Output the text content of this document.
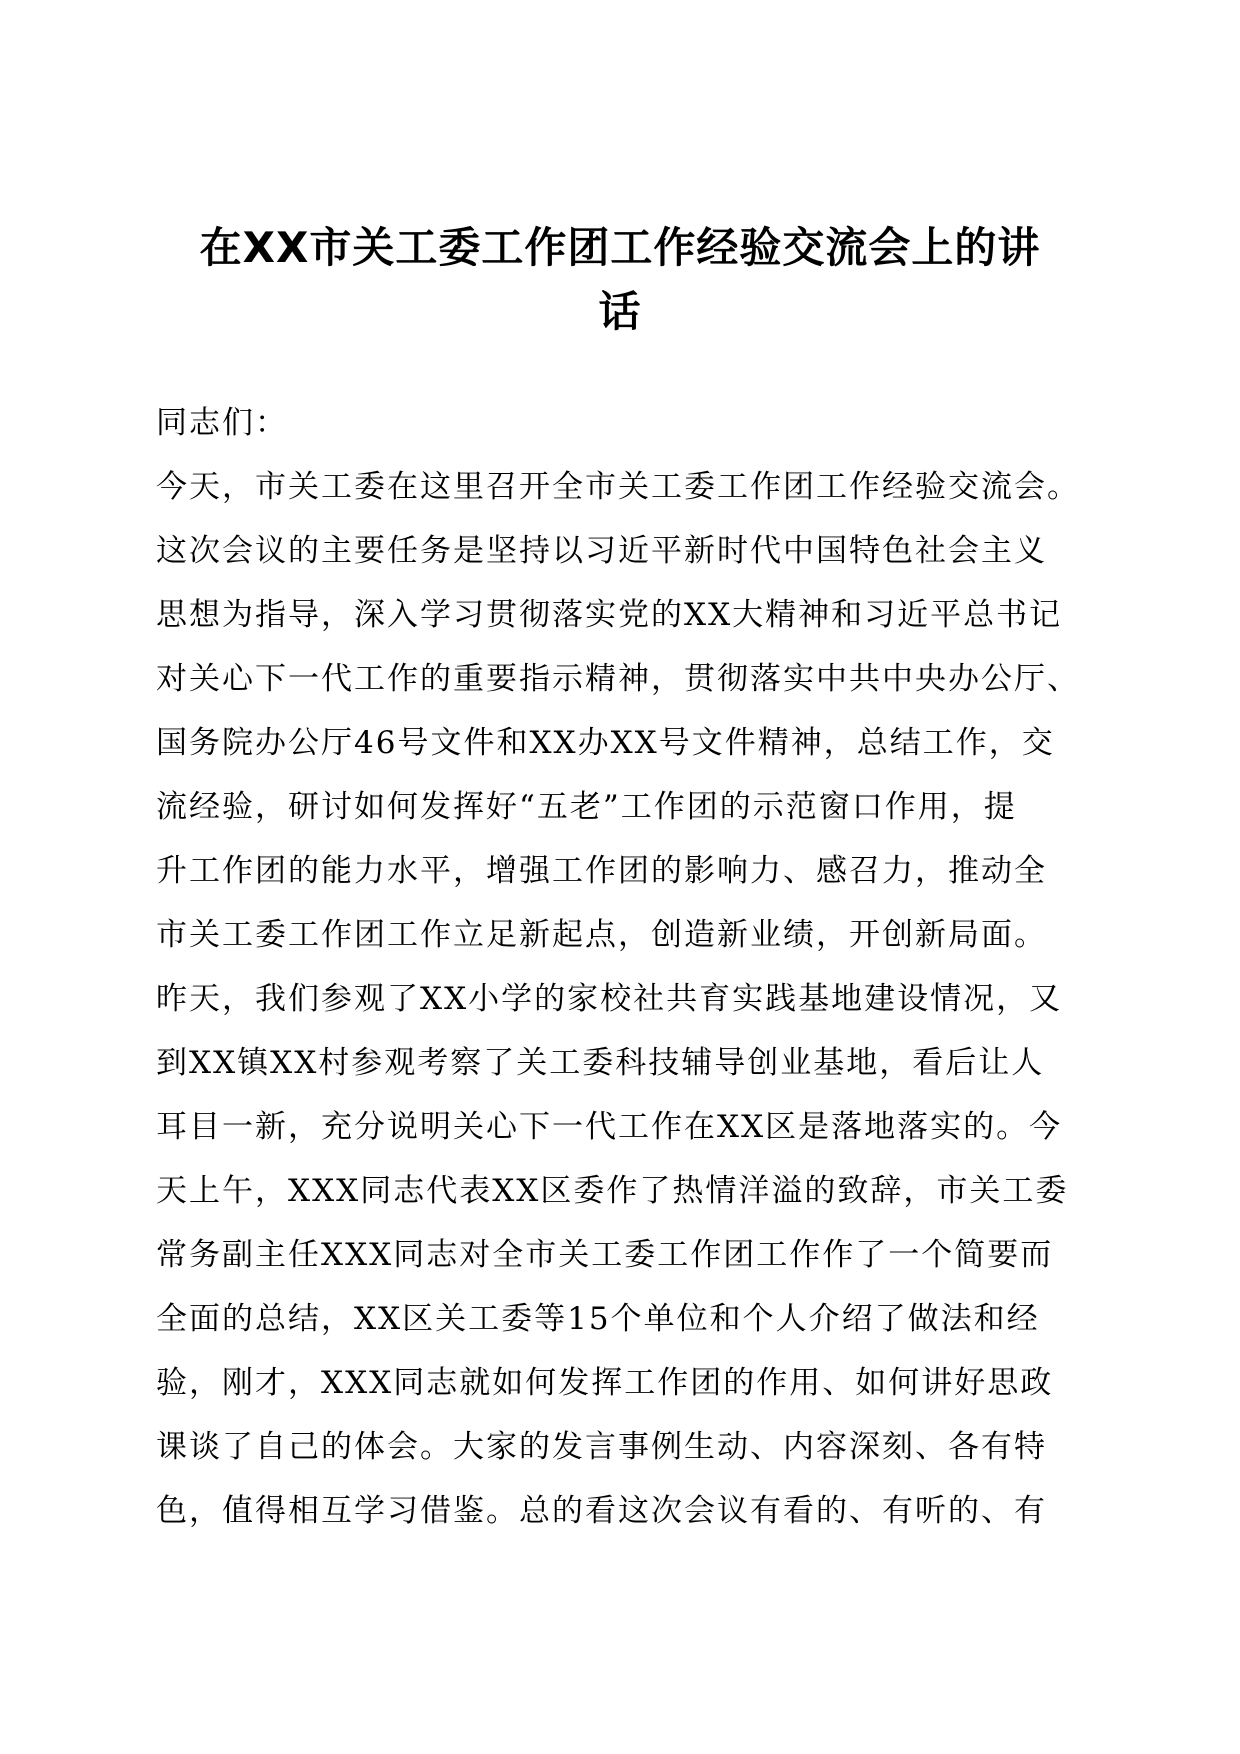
在XX市关工委工作团工作经验交流会上的讲
话
同志们：
今天，市关工委在这里召开全市关工委工作团工作经验交流会。
这次会议的主要任务是坚持以习近平新时代中国特色社会主义
思想为指导，深入学习贯彻落实党的XX大精神和习近平总书记
对关心下一代工作的重要指示精神，贯彻落实中共中央办公厅、
国务院办公厅46号文件和XX办XX号文件精神，总结工作，交
流经验，研讨如何发挥好“五老”工作团的示范窗口作用，提
升工作团的能力水平，增强工作团的影响力、感召力，推动全
市关工委工作团工作立足新起点，创造新业绩，开创新局面。
昨天，我们参观了XX小学的家校社共育实践基地建设情况，又
到XX镇XX村参观考察了关工委科技辅导创业基地，看后让人
耳目一新，充分说明关心下一代工作在XX区是落地落实的。今
天上午，XXX同志代表XX区委作了热情洋溢的致辞，市关工委
常务副主任XXX同志对全市关工委工作团工作作了一个简要而
全面的总结，XX区关工委等15个单位和个人介绍了做法和经
验，刚才，XXX同志就如何发挥工作团的作用、如何讲好思政
课谈了自己的体会。大家的发言事例生动、内容深刻、各有特
色，值得相互学习借鉴。总的看这次会议有看的、有听的、有
